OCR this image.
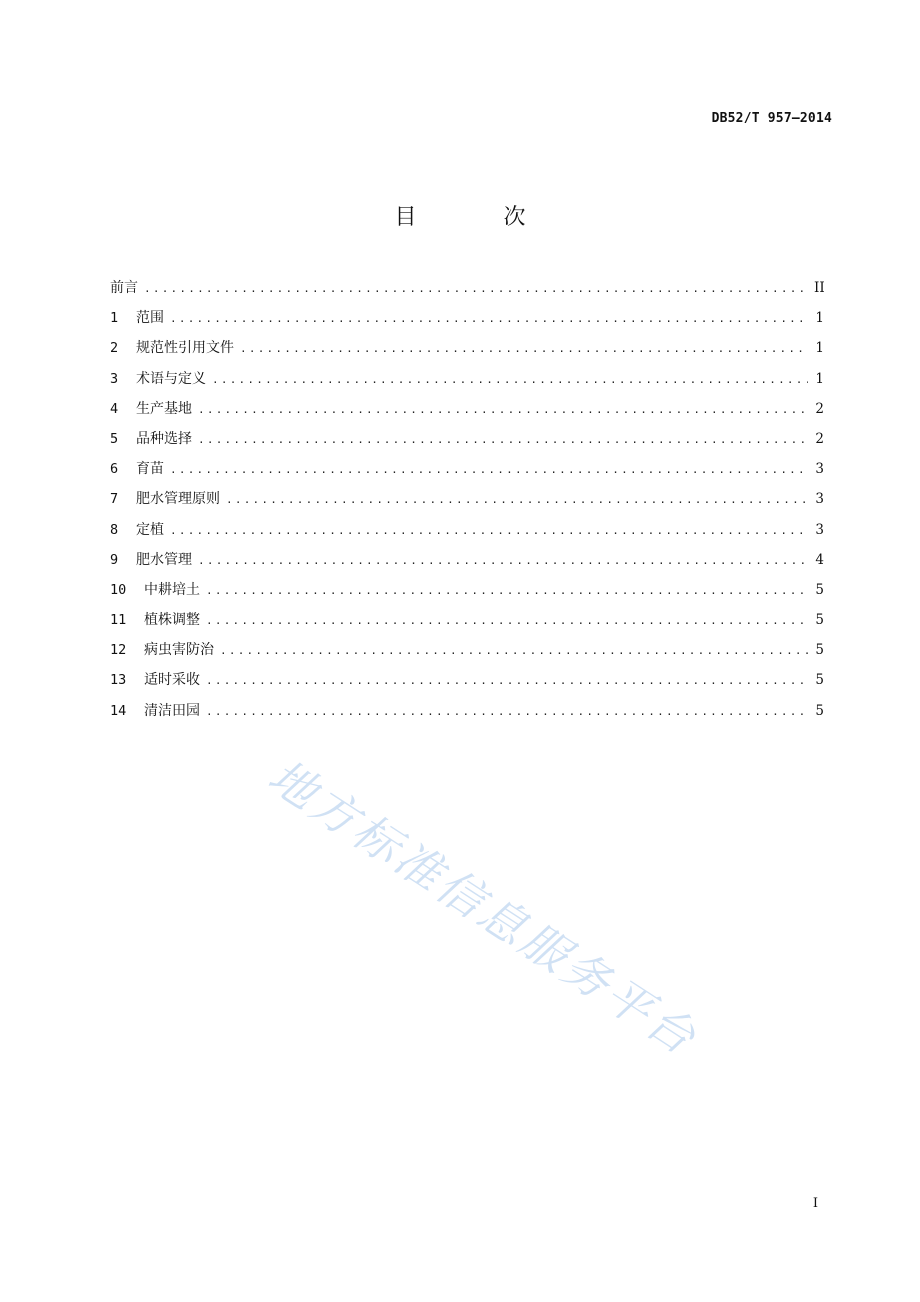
DB52/T 957—2014
目 次
前言 . . .	II
1	范围 . . .	1
2	规范性引用文件 . . .	1
3	术语与定义 . . .	1
4	生产基地 . . .	2
5	品种选择 . . .	2
6	育苗 . . .	3
7	肥水管理原则 . . .	3
8	定植 . . .	3
9	肥水管理 . . .	4
10	中耕培土 . . .	5
11	植株调整 . . .	5
12	病虫害防治 . . .	5
13	适时采收 . . .	5
14	清洁田园 . . .	5
地方标准信息服务平台
I
